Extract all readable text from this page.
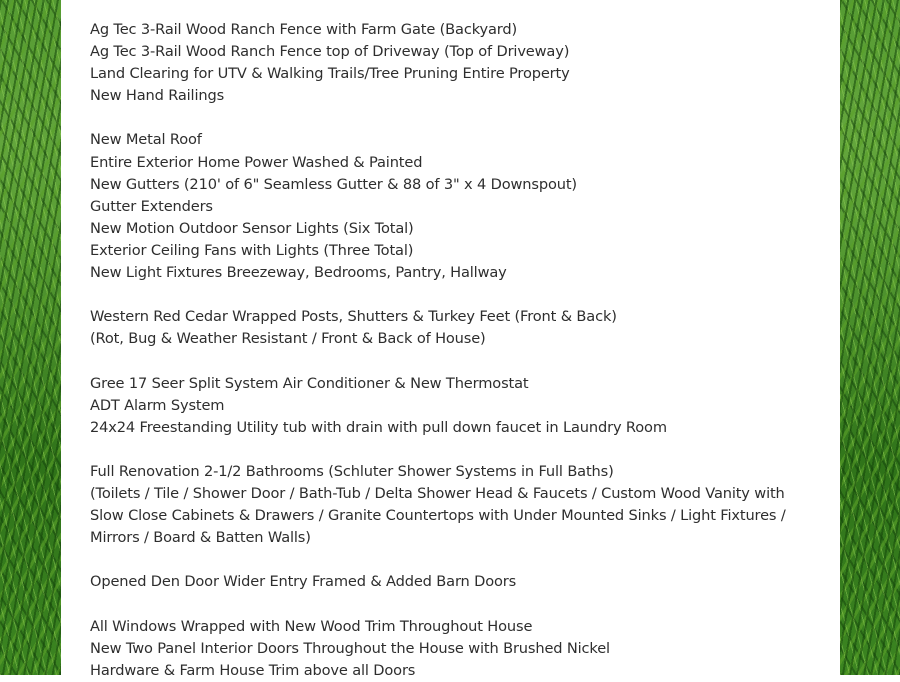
Ag Tec 3-Rail Wood Ranch Fence with Farm Gate (Backyard)
Ag Tec 3-Rail Wood Ranch Fence top of Driveway (Top of Driveway)
Land Clearing for UTV & Walking Trails/Tree Pruning Entire Property
New Hand Railings
New Metal Roof
Entire Exterior Home Power Washed & Painted
New Gutters (210' of 6" Seamless Gutter & 88 of 3" x 4 Downspout)
Gutter Extenders
New Motion Outdoor Sensor Lights (Six Total)
Exterior Ceiling Fans with Lights (Three Total)
New Light Fixtures Breezeway, Bedrooms, Pantry, Hallway
Western Red Cedar Wrapped Posts, Shutters & Turkey Feet (Front & Back)
(Rot, Bug & Weather Resistant / Front & Back of House)
Gree 17 Seer Split System Air Conditioner & New Thermostat
ADT Alarm System
24x24 Freestanding Utility tub with drain with pull down faucet in Laundry Room
Full Renovation 2-1/2 Bathrooms (Schluter Shower Systems in Full Baths)
(Toilets / Tile / Shower Door / Bath-Tub / Delta Shower Head & Faucets / Custom Wood Vanity with
Slow Close Cabinets & Drawers / Granite Countertops with Under Mounted Sinks / Light Fixtures /
Mirrors / Board & Batten Walls)
Opened Den Door Wider Entry Framed & Added Barn Doors
All Windows Wrapped with New Wood Trim Throughout House
New Two Panel Interior Doors Throughout the House with Brushed Nickel
Hardware & Farm House Trim above all Doors
